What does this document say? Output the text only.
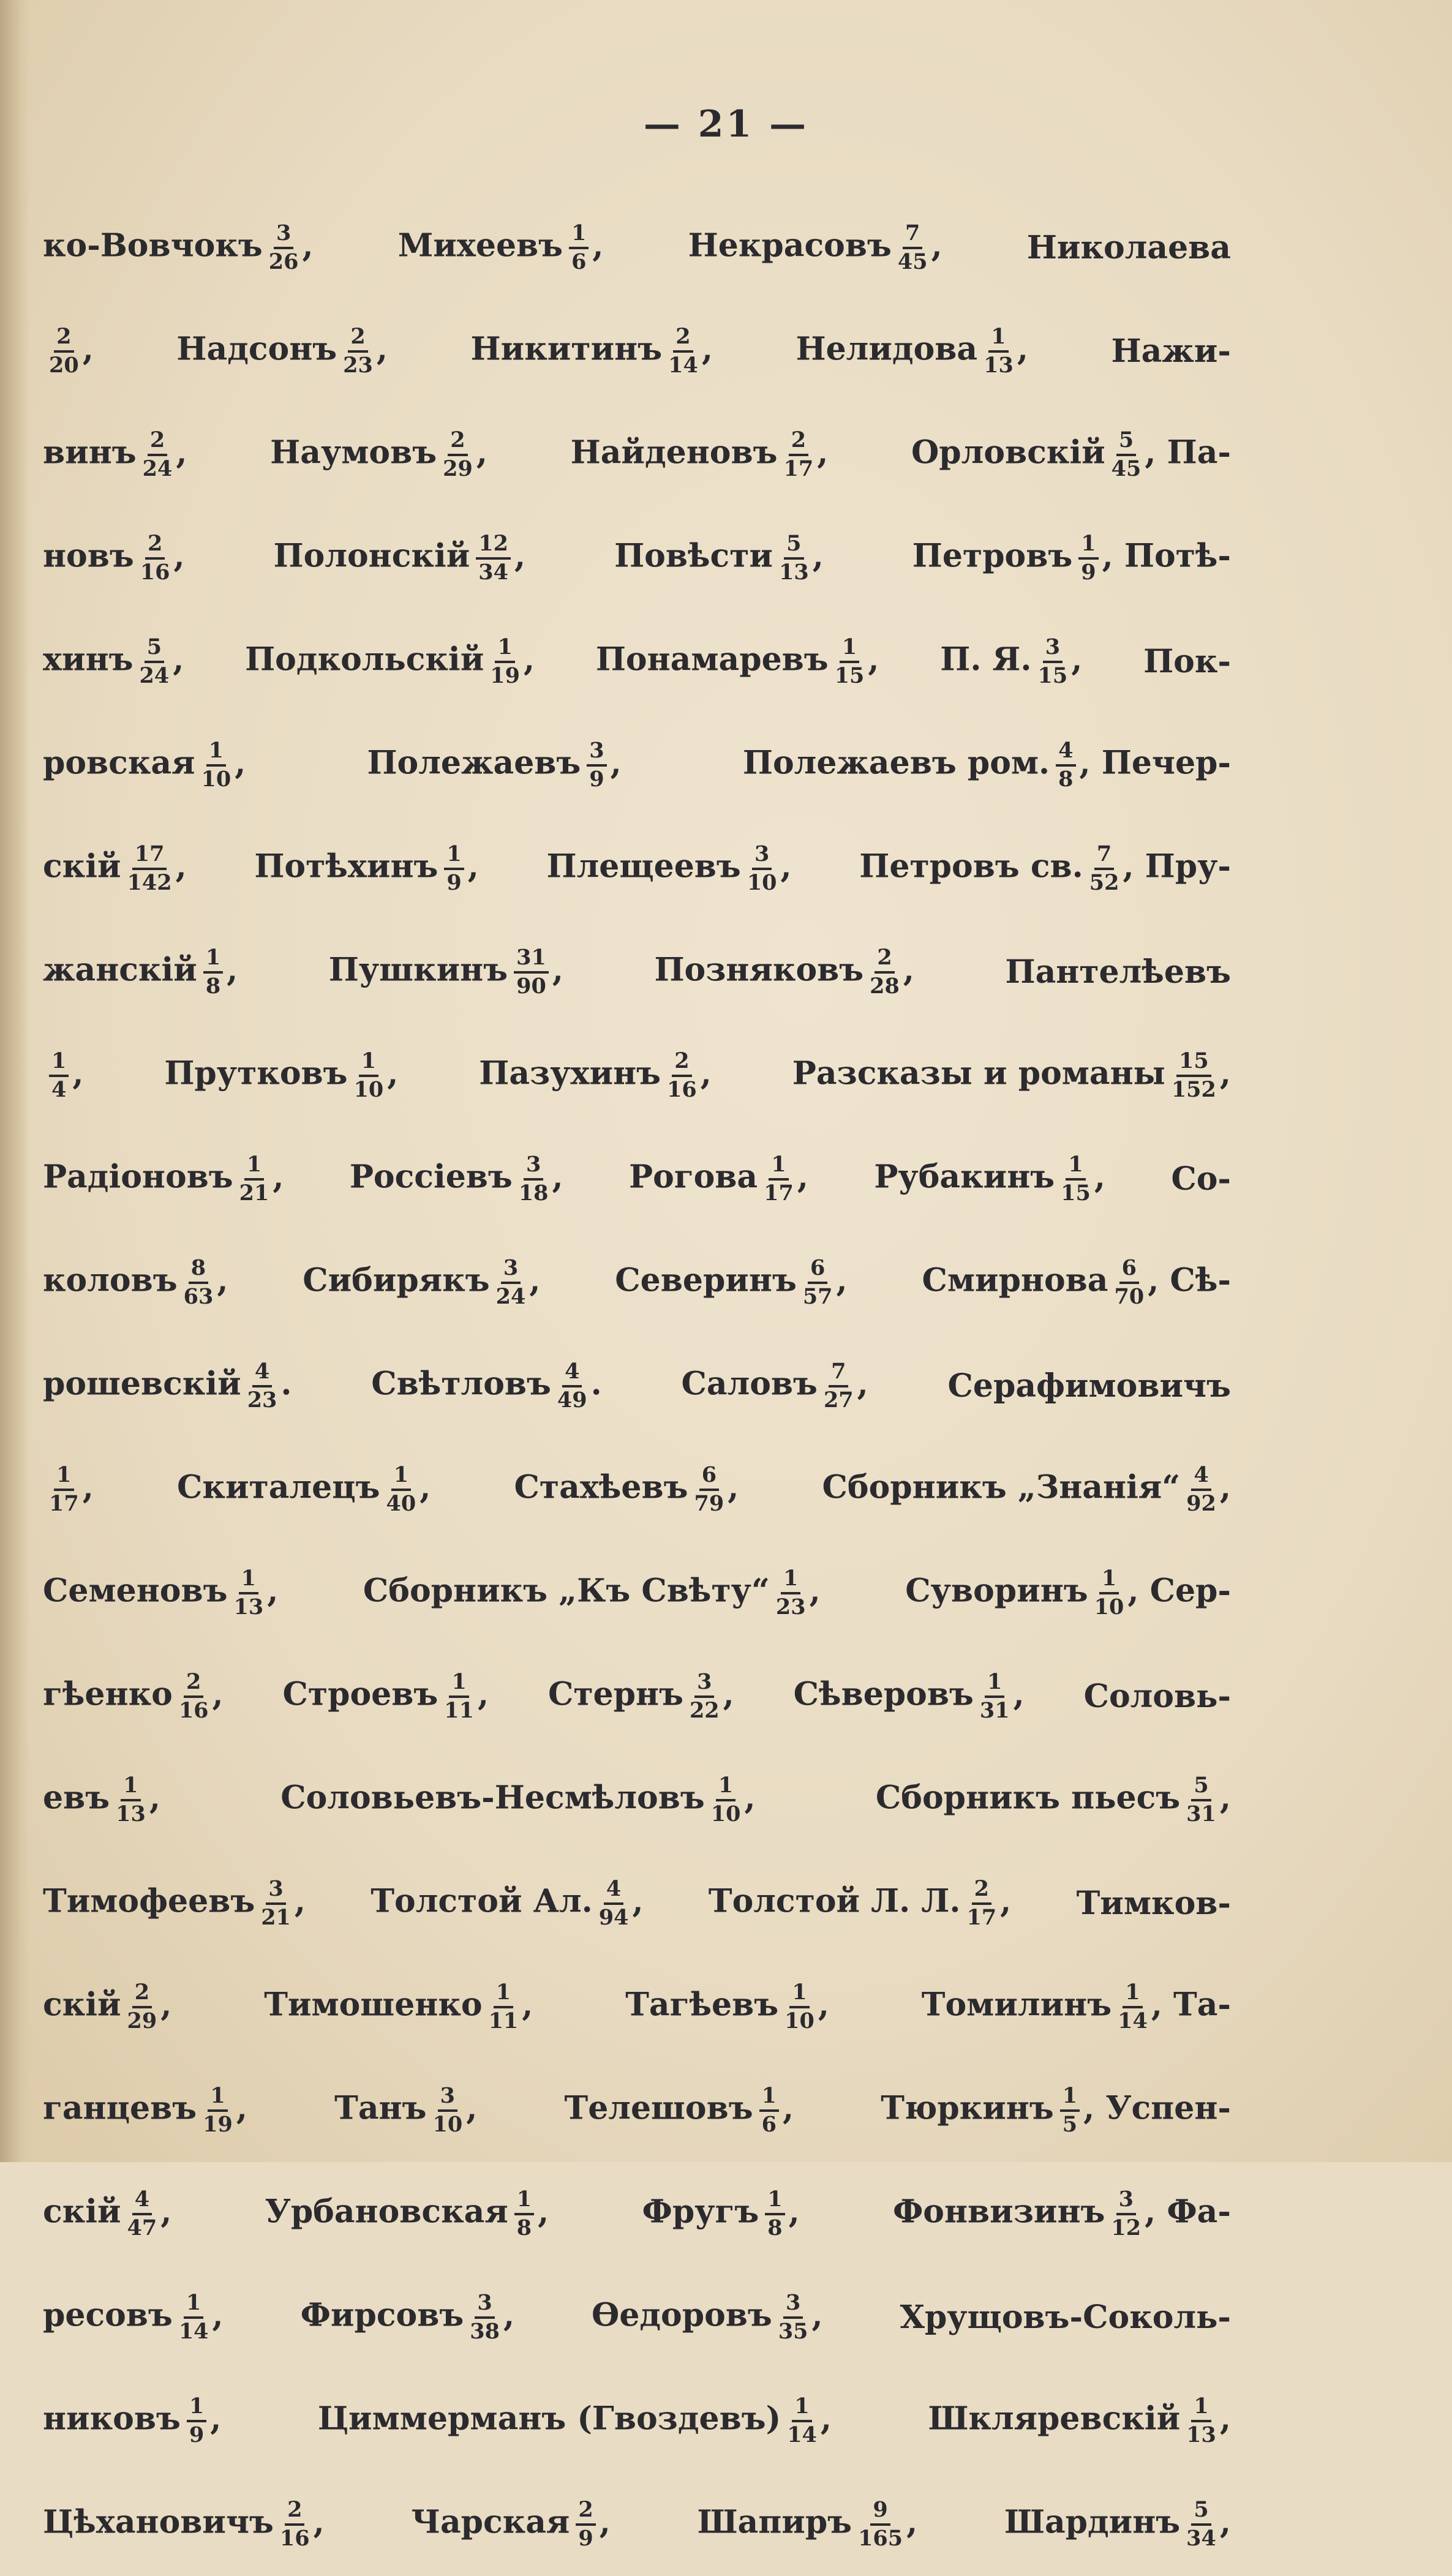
— 21 —
ко-Вовчокъ $\frac{3}{26}$ ,	Михеевъ $\frac{1}{6}$ ,	Некрасовъ $\frac{7}{45}$ ,	Николаева
$\frac{2}{20}$ ,	Надсонъ $\frac{2}{23}$ ,	Никитинъ $\frac{2}{14}$ ,	Нелидова $\frac{1}{13}$ ,	Нажи-
винъ $\frac{2}{24}$ ,	Наумовъ $\frac{2}{29}$ ,	Найденовъ $\frac{2}{17}$ ,	Орловскій $\frac{5}{45}$ , Па-
новъ $\frac{2}{16}$ ,	Полонскій $\frac{12}{34}$ ,	Повѣсти $\frac{5}{13}$ ,	Петровъ $\frac{1}{9}$ , Потѣ-
хинъ $\frac{5}{24}$ , Подкольскій $\frac{1}{19}$ , Понамаревъ $\frac{1}{15}$ , П. Я. $\frac{3}{15}$ , Пок-
ровская $\frac{1}{10}$ ,	Полежаевъ $\frac{3}{9}$ ,	Полежаевъ ром. $\frac{4}{8}$ , Печер-
скій $\frac{17}{142}$ , Потѣхинъ $\frac{1}{9}$ , Плещеевъ $\frac{3}{10}$ , Петровъ св. $\frac{7}{52}$ , Пру-
жанскій $\frac{1}{8}$ ,	Пушкинъ $\frac{31}{90}$ ,	Позняковъ $\frac{2}{28}$ ,	Пантелѣевъ
$\frac{1}{4}$ ,	Прутковъ $\frac{1}{10}$ ,	Пазухинъ $\frac{2}{16}$ ,	Разсказы и романы $\frac{15}{152}$ ,
Радіоновъ $\frac{1}{21}$ , Россіевъ $\frac{3}{18}$ , Рогова $\frac{1}{17}$ , Рубакинъ $\frac{1}{15}$ , Со-
коловъ $\frac{8}{63}$ , Сибирякъ $\frac{3}{24}$ , Северинъ $\frac{6}{57}$ , Смирнова $\frac{6}{70}$ , Сѣ-
рошевскій $\frac{4}{23}$ . Свѣтловъ $\frac{4}{49}$ . Саловъ $\frac{7}{27}$ , Серафимовичъ
$\frac{1}{17}$ ,	Скиталецъ $\frac{1}{40}$ ,	Стахѣевъ $\frac{6}{79}$ ,	Сборникъ „Знанія“ $\frac{4}{92}$ ,
Семеновъ $\frac{1}{13}$ ,	Сборникъ „Къ Свѣту“ $\frac{1}{23}$ ,	Суворинъ $\frac{1}{10}$ , Сер-
гѣенко $\frac{2}{16}$ , Строевъ $\frac{1}{11}$ , Стернъ $\frac{3}{22}$ , Сѣверовъ $\frac{1}{31}$ , Соловь-
евъ $\frac{1}{13}$ ,	Соловьевъ-Несмѣловъ $\frac{1}{10}$ ,	Сборникъ пьесъ $\frac{5}{31}$ ,
Тимофеевъ $\frac{3}{21}$ , Толстой Ал. $\frac{4}{94}$ , Толстой Л. Л. $\frac{2}{17}$ , Тимков-
скій $\frac{2}{29}$ ,	Тимошенко $\frac{1}{11}$ ,	Тагѣевъ $\frac{1}{10}$ ,	Томилинъ $\frac{1}{14}$ , Та-
ганцевъ $\frac{1}{19}$ ,	Танъ $\frac{3}{10}$ ,	Телешовъ $\frac{1}{6}$ ,	Тюркинъ $\frac{1}{5}$ , Успен-
скій $\frac{4}{47}$ ,	Урбановская $\frac{1}{8}$ ,	Фругъ $\frac{1}{8}$ ,	Фонвизинъ $\frac{3}{12}$ , Фа-
ресовъ $\frac{1}{14}$ , Фирсовъ $\frac{3}{38}$ , Ѳедоровъ $\frac{3}{35}$ , Хрущовъ-Соколь-
никовъ $\frac{1}{9}$ ,	Циммерманъ (Гвоздевъ) $\frac{1}{14}$ ,	Шкляревскій $\frac{1}{13}$ ,
Цѣхановичъ $\frac{2}{16}$ ,	Чарская $\frac{2}{9}$ ,	Шапиръ $\frac{9}{165}$ ,	Шардинъ $\frac{5}{34}$ ,
